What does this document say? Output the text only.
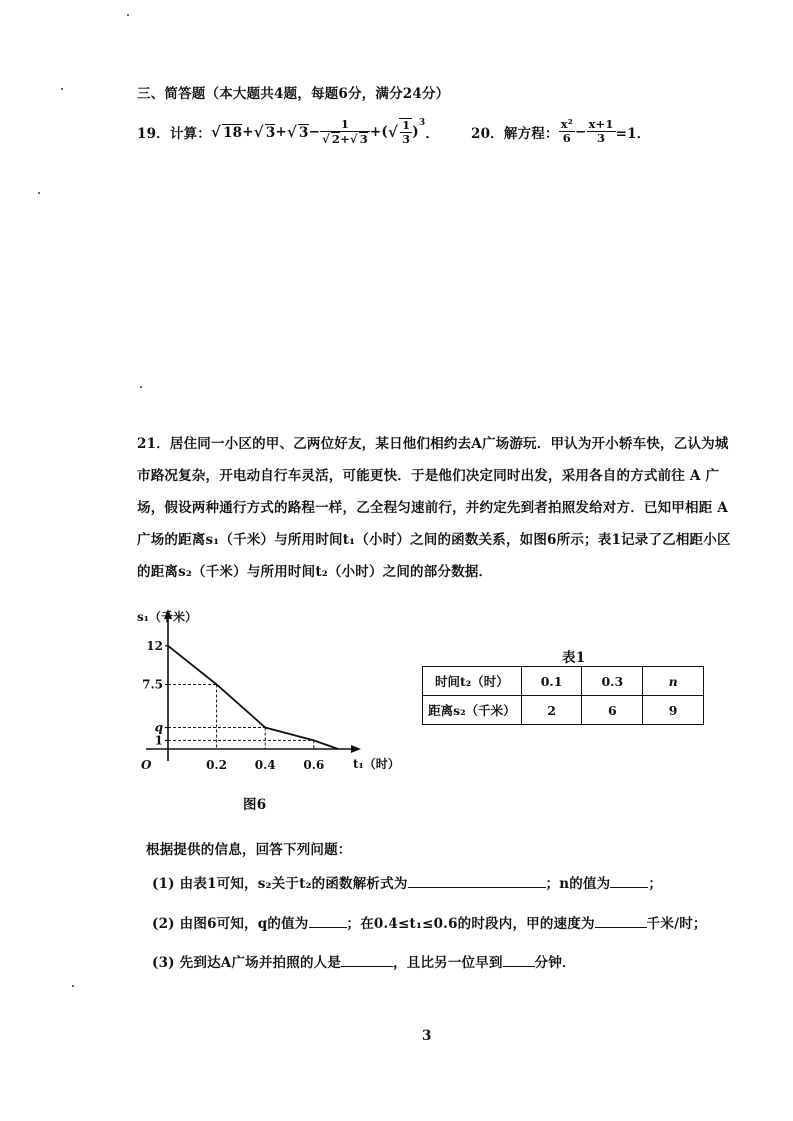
三、简答题（本大题共4题，每题6分，满分24分）
19．计算： √ 18 + √ 3 + √ $3 - \frac{1}{√ 2+√ 3}$ +( √ $\frac{1}{3}$ )
$^3$
． 20．解方程： $\frac{\text{x²}}{6} - \frac{x+1}{3} =1$．
21．居住同一小区的甲、乙两位好友，某日他们相约去A广场游玩．甲认为开小轿车快，乙认为城
市路况复杂，开电动自行车灵活，可能更快．于是他们决定同时出发，采用各自的方式前往 A 广
场，假设两种通行方式的路程一样，乙全程匀速前行，并约定先到者拍照发给对方．已知甲相距 A
广场的距离s₁（千米）与所用时间t₁（小时）之间的函数关系，如图6所示；表1记录了乙相距小区
的距离s₂（千米）与所用时间t₂（小时）之间的部分数据．
s₁（千米）
t₁（时）
O
12
7.5
q
1
0.2 0.4 0.6
图6
表1
时间t₂（时）	0.1	0.3	n
距离s₂（千米）	2	6	9
根据提供的信息，回答下列问题：
(1) 由表1可知，s₂关于t₂的函数解析式为	；n的值为	；
(2) 由图6可知，q的值为	；在0.4≤t₁≤0.6的时段内，甲的速度为	千米/时；
(3) 先到达A广场并拍照的人是	，且比另一位早到 分钟．
3
